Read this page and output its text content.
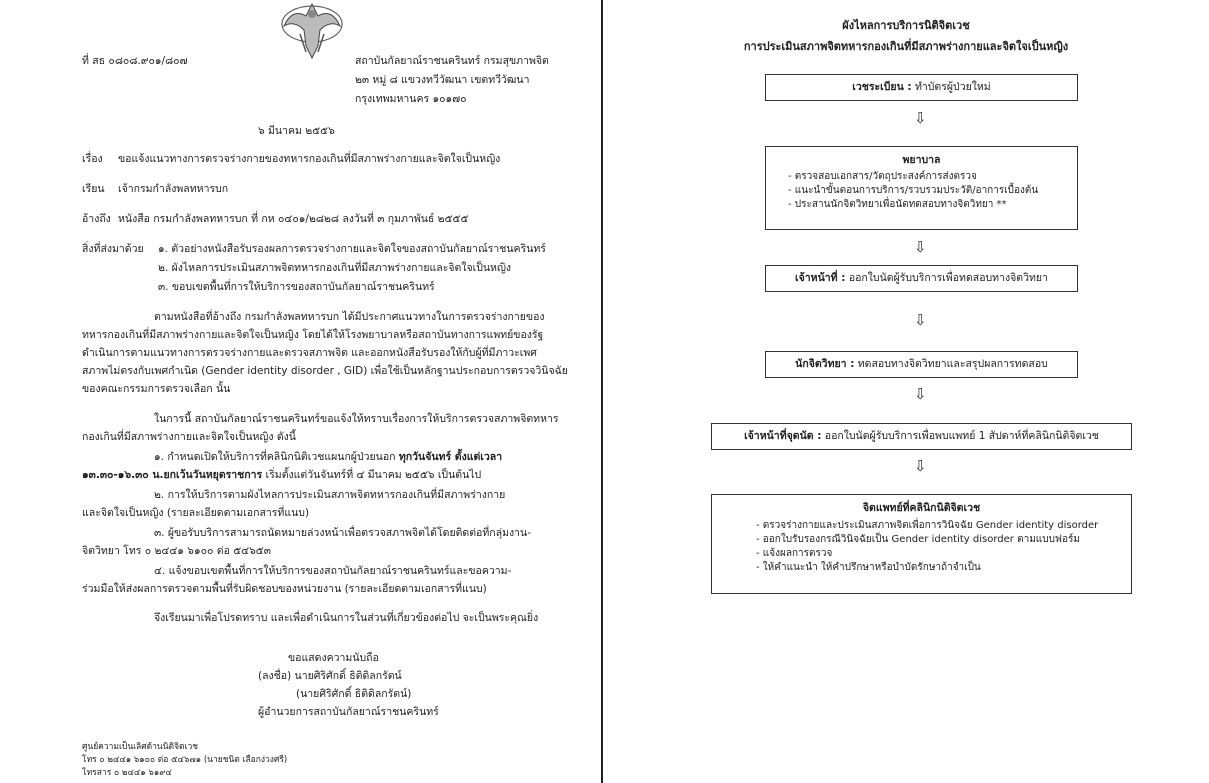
ที่ สธ ๐๘๐๘.๙๐๑/๘๐๗	สถาบันกัลยาณ์ราชนครินทร์ กรมสุขภาพจิต
๒๓ หมู่ ๘ แขวงทวีวัฒนา เขตทวีวัฒนา
กรุงเทพมหานคร ๑๐๑๗๐
๖ มีนาคม ๒๕๕๖
เรื่อง ขอแจ้งแนวทางการตรวจร่างกายของทหารกองเกินที่มีสภาพร่างกายและจิตใจเป็นหญิง
เรียน เจ้ากรมกำลังพลทหารบก
อ้างถึง หนังสือ กรมกำลังพลทหารบก ที่ กห ๐๔๐๑/๒๘๒๘ ลงวันที่ ๓ กุมภาพันธ์ ๒๕๕๕
สิ่งที่ส่งมาด้วย ๑. ตัวอย่างหนังสือรับรองผลการตรวจร่างกายและจิตใจของสถาบันกัลยาณ์ราชนครินทร์
๒. ผังไหลการประเมินสภาพจิตทหารกองเกินที่มีสภาพร่างกายและจิตใจเป็นหญิง
๓. ขอบเขตพื้นที่การให้บริการของสถาบันกัลยาณ์ราชนครินทร์
ตามหนังสือที่อ้างถึง กรมกำลังพลทหารบก ได้มีประกาศแนวทางในการตรวจร่างกายของ
ทหารกองเกินที่มีสภาพร่างกายและจิตใจเป็นหญิง โดยได้ให้โรงพยาบาลหรือสถาบันทางการแพทย์ของรัฐ
ดำเนินการตามแนวทางการตรวจร่างกายและตรวจสภาพจิต และออกหนังสือรับรองให้กับผู้ที่มีภาวะเพศ
สภาพไม่ตรงกับเพศกำเนิด (Gender identity disorder , GID) เพื่อใช้เป็นหลักฐานประกอบการตรวจวินิจฉัย
ของคณะกรรมการตรวจเลือก นั้น
ในการนี้ สถาบันกัลยาณ์ราชนครินทร์ขอแจ้งให้ทราบเรื่องการให้บริการตรวจสภาพจิตทหาร
กองเกินที่มีสภาพร่างกายและจิตใจเป็นหญิง ดังนี้
๑. กำหนดเปิดให้บริการที่คลินิกนิติเวชแผนกผู้ป่วยนอก ทุกวันจันทร์ ตั้งแต่เวลา
๑๓.๓๐-๑๖.๓๐ น.ยกเว้นวันหยุดราชการ เริ่มตั้งแต่วันจันทร์ที่ ๔ มีนาคม ๒๕๕๖ เป็นต้นไป
๒. การให้บริการตามผังไหลการประเมินสภาพจิตทหารกองเกินที่มีสภาพร่างกาย
และจิตใจเป็นหญิง (รายละเอียดตามเอกสารที่แนบ)
๓. ผู้ขอรับบริการสามารถนัดหมายล่วงหน้าเพื่อตรวจสภาพจิตได้โดยติดต่อที่กลุ่มงาน-
จิตวิทยา โทร ๐ ๒๔๔๑ ๖๑๐๐ ต่อ ๕๔๖๕๓
๔. แจ้งขอบเขตพื้นที่การให้บริการของสถาบันกัลยาณ์ราชนครินทร์และขอความ-
ร่วมมือให้ส่งผลการตรวจตามพื้นที่รับผิดชอบของหน่วยงาน (รายละเอียดตามเอกสารที่แนบ)
จึงเรียนมาเพื่อโปรดทราบ และเพื่อดำเนินการในส่วนที่เกี่ยวข้องต่อไป จะเป็นพระคุณยิ่ง
ขอแสดงความนับถือ
(ลงชื่อ) นายศิริศักดิ์ ธิติดิลกรัตน์
(นายศิริศักดิ์ ธิติดิลกรัตน์)
ผู้อำนวยการสถาบันกัลยาณ์ราชนครินทร์
ศูนย์ความเป็นเลิศด้านนิติจิตเวช
โทร ๐ ๒๔๔๑ ๖๑๐๐ ต่อ ๕๔๖๗๑ (นายชนิต เลือกง่วงศรี)
โทรสาร ๐ ๒๔๔๑ ๖๑๙๔
ผังไหลการบริการนิติจิตเวช
การประเมินสภาพจิตทหารกองเกินที่มีสภาพร่างกายและจิตใจเป็นหญิง
เวชระเบียน : ทำบัตรผู้ป่วยใหม่
⇩
พยาบาล
- ตรวจสอบเอกสาร/วัตถุประสงค์การส่งตรวจ
- แนะนำขั้นตอนการบริการ/รวบรวมประวัติ/อาการเบื้องต้น
- ประสานนักจิตวิทยาเพื่อนัดทดสอบทางจิตวิทยา **
⇩
เจ้าหน้าที่ : ออกใบนัดผู้รับบริการเพื่อทดสอบทางจิตวิทยา
⇩
นักจิตวิทยา : ทดสอบทางจิตวิทยาและสรุปผลการทดสอบ
⇩
เจ้าหน้าที่จุดนัด : ออกใบนัดผู้รับบริการเพื่อพบแพทย์ 1 สัปดาห์ที่คลินิกนิติจิตเวช
⇩
จิตแพทย์ที่คลินิกนิติจิตเวช
- ตรวจร่างกายและประเมินสภาพจิตเพื่อการวินิจฉัย Gender identity disorder
- ออกใบรับรองกรณีวินิจฉัยเป็น Gender identity disorder ตามแบบฟอร์ม
- แจ้งผลการตรวจ
- ให้คำแนะนำ ให้คำปรึกษาหรือบำบัดรักษาถ้าจำเป็น
